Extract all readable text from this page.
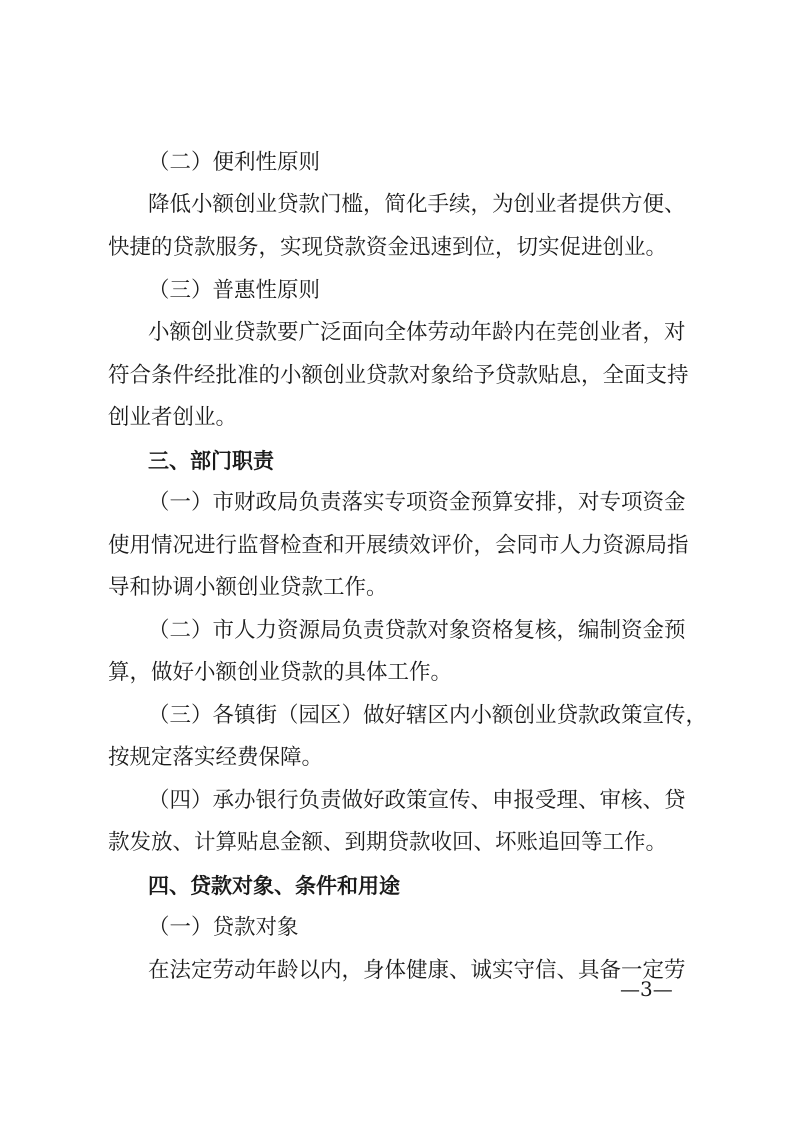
（二）便利性原则
降低小额创业贷款门槛，简化手续，为创业者提供方便、
快捷的贷款服务，实现贷款资金迅速到位，切实促进创业。
（三）普惠性原则
小额创业贷款要广泛面向全体劳动年龄内在莞创业者，对
符合条件经批准的小额创业贷款对象给予贷款贴息，全面支持
创业者创业。
三、部门职责
（一）市财政局负责落实专项资金预算安排，对专项资金
使用情况进行监督检查和开展绩效评价，会同市人力资源局指
导和协调小额创业贷款工作。
（二）市人力资源局负责贷款对象资格复核，编制资金预
算，做好小额创业贷款的具体工作。
（三）各镇街（园区）做好辖区内小额创业贷款政策宣传，
按规定落实经费保障。
（四）承办银行负责做好政策宣传、申报受理、审核、贷
款发放、计算贴息金额、到期贷款收回、坏账追回等工作。
四、贷款对象、条件和用途
（一）贷款对象
在法定劳动年龄以内，身体健康、诚实守信、具备一定劳
—3—
